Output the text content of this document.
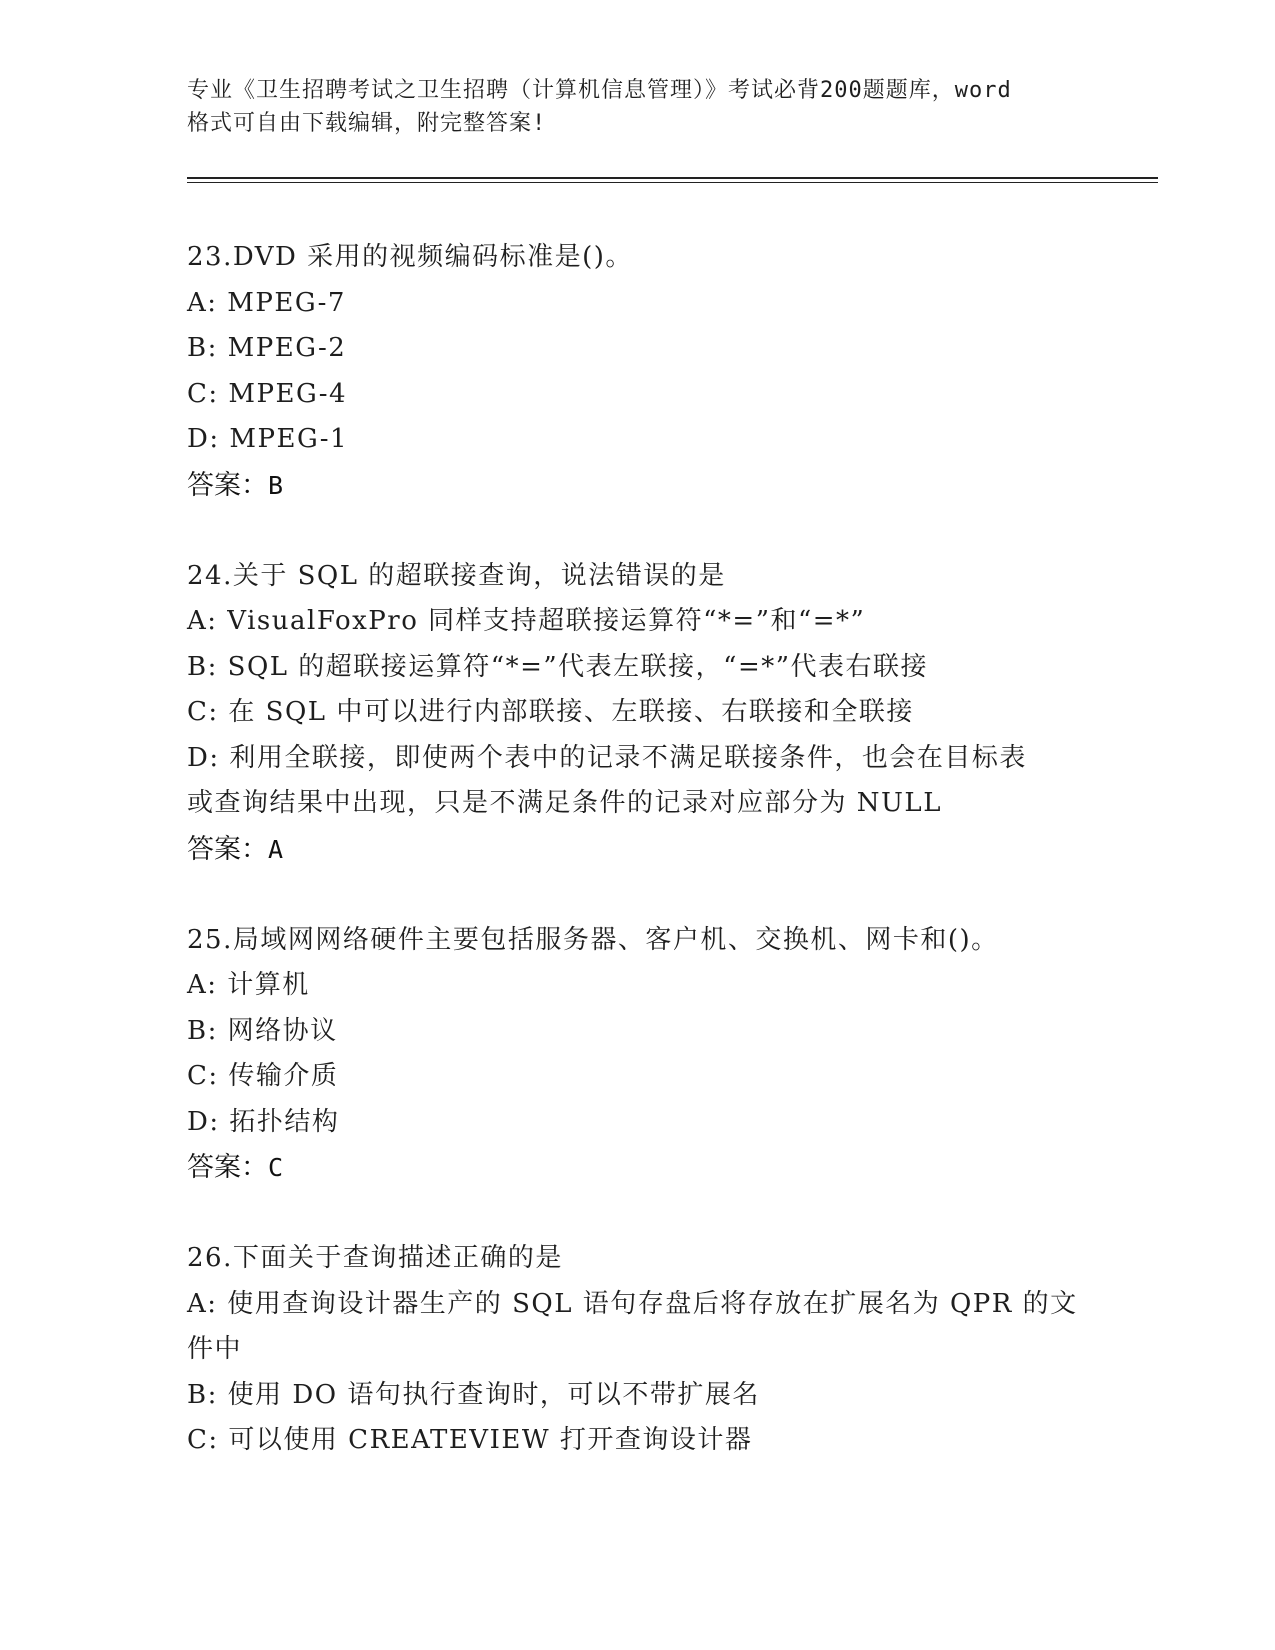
专业《卫生招聘考试之卫生招聘（计算机信息管理）》考试必背200题题库，word
格式可自由下载编辑，附完整答案!
23.DVD 采用的视频编码标准是()。
A: MPEG-7
B: MPEG-2
C: MPEG-4
D: MPEG-1
答案：B
24.关于 SQL 的超联接查询，说法错误的是
A: VisualFoxPro 同样支持超联接运算符“*=”和“=*”
B: SQL 的超联接运算符“*=”代表左联接，“=*”代表右联接
C: 在 SQL 中可以进行内部联接、左联接、右联接和全联接
D: 利用全联接，即使两个表中的记录不满足联接条件，也会在目标表
或查询结果中出现，只是不满足条件的记录对应部分为 NULL
答案：A
25.局域网网络硬件主要包括服务器、客户机、交换机、网卡和()。
A: 计算机
B: 网络协议
C: 传输介质
D: 拓扑结构
答案：C
26.下面关于查询描述正确的是
A: 使用查询设计器生产的 SQL 语句存盘后将存放在扩展名为 QPR 的文
件中
B: 使用 DO 语句执行查询时，可以不带扩展名
C: 可以使用 CREATEVIEW 打开查询设计器
